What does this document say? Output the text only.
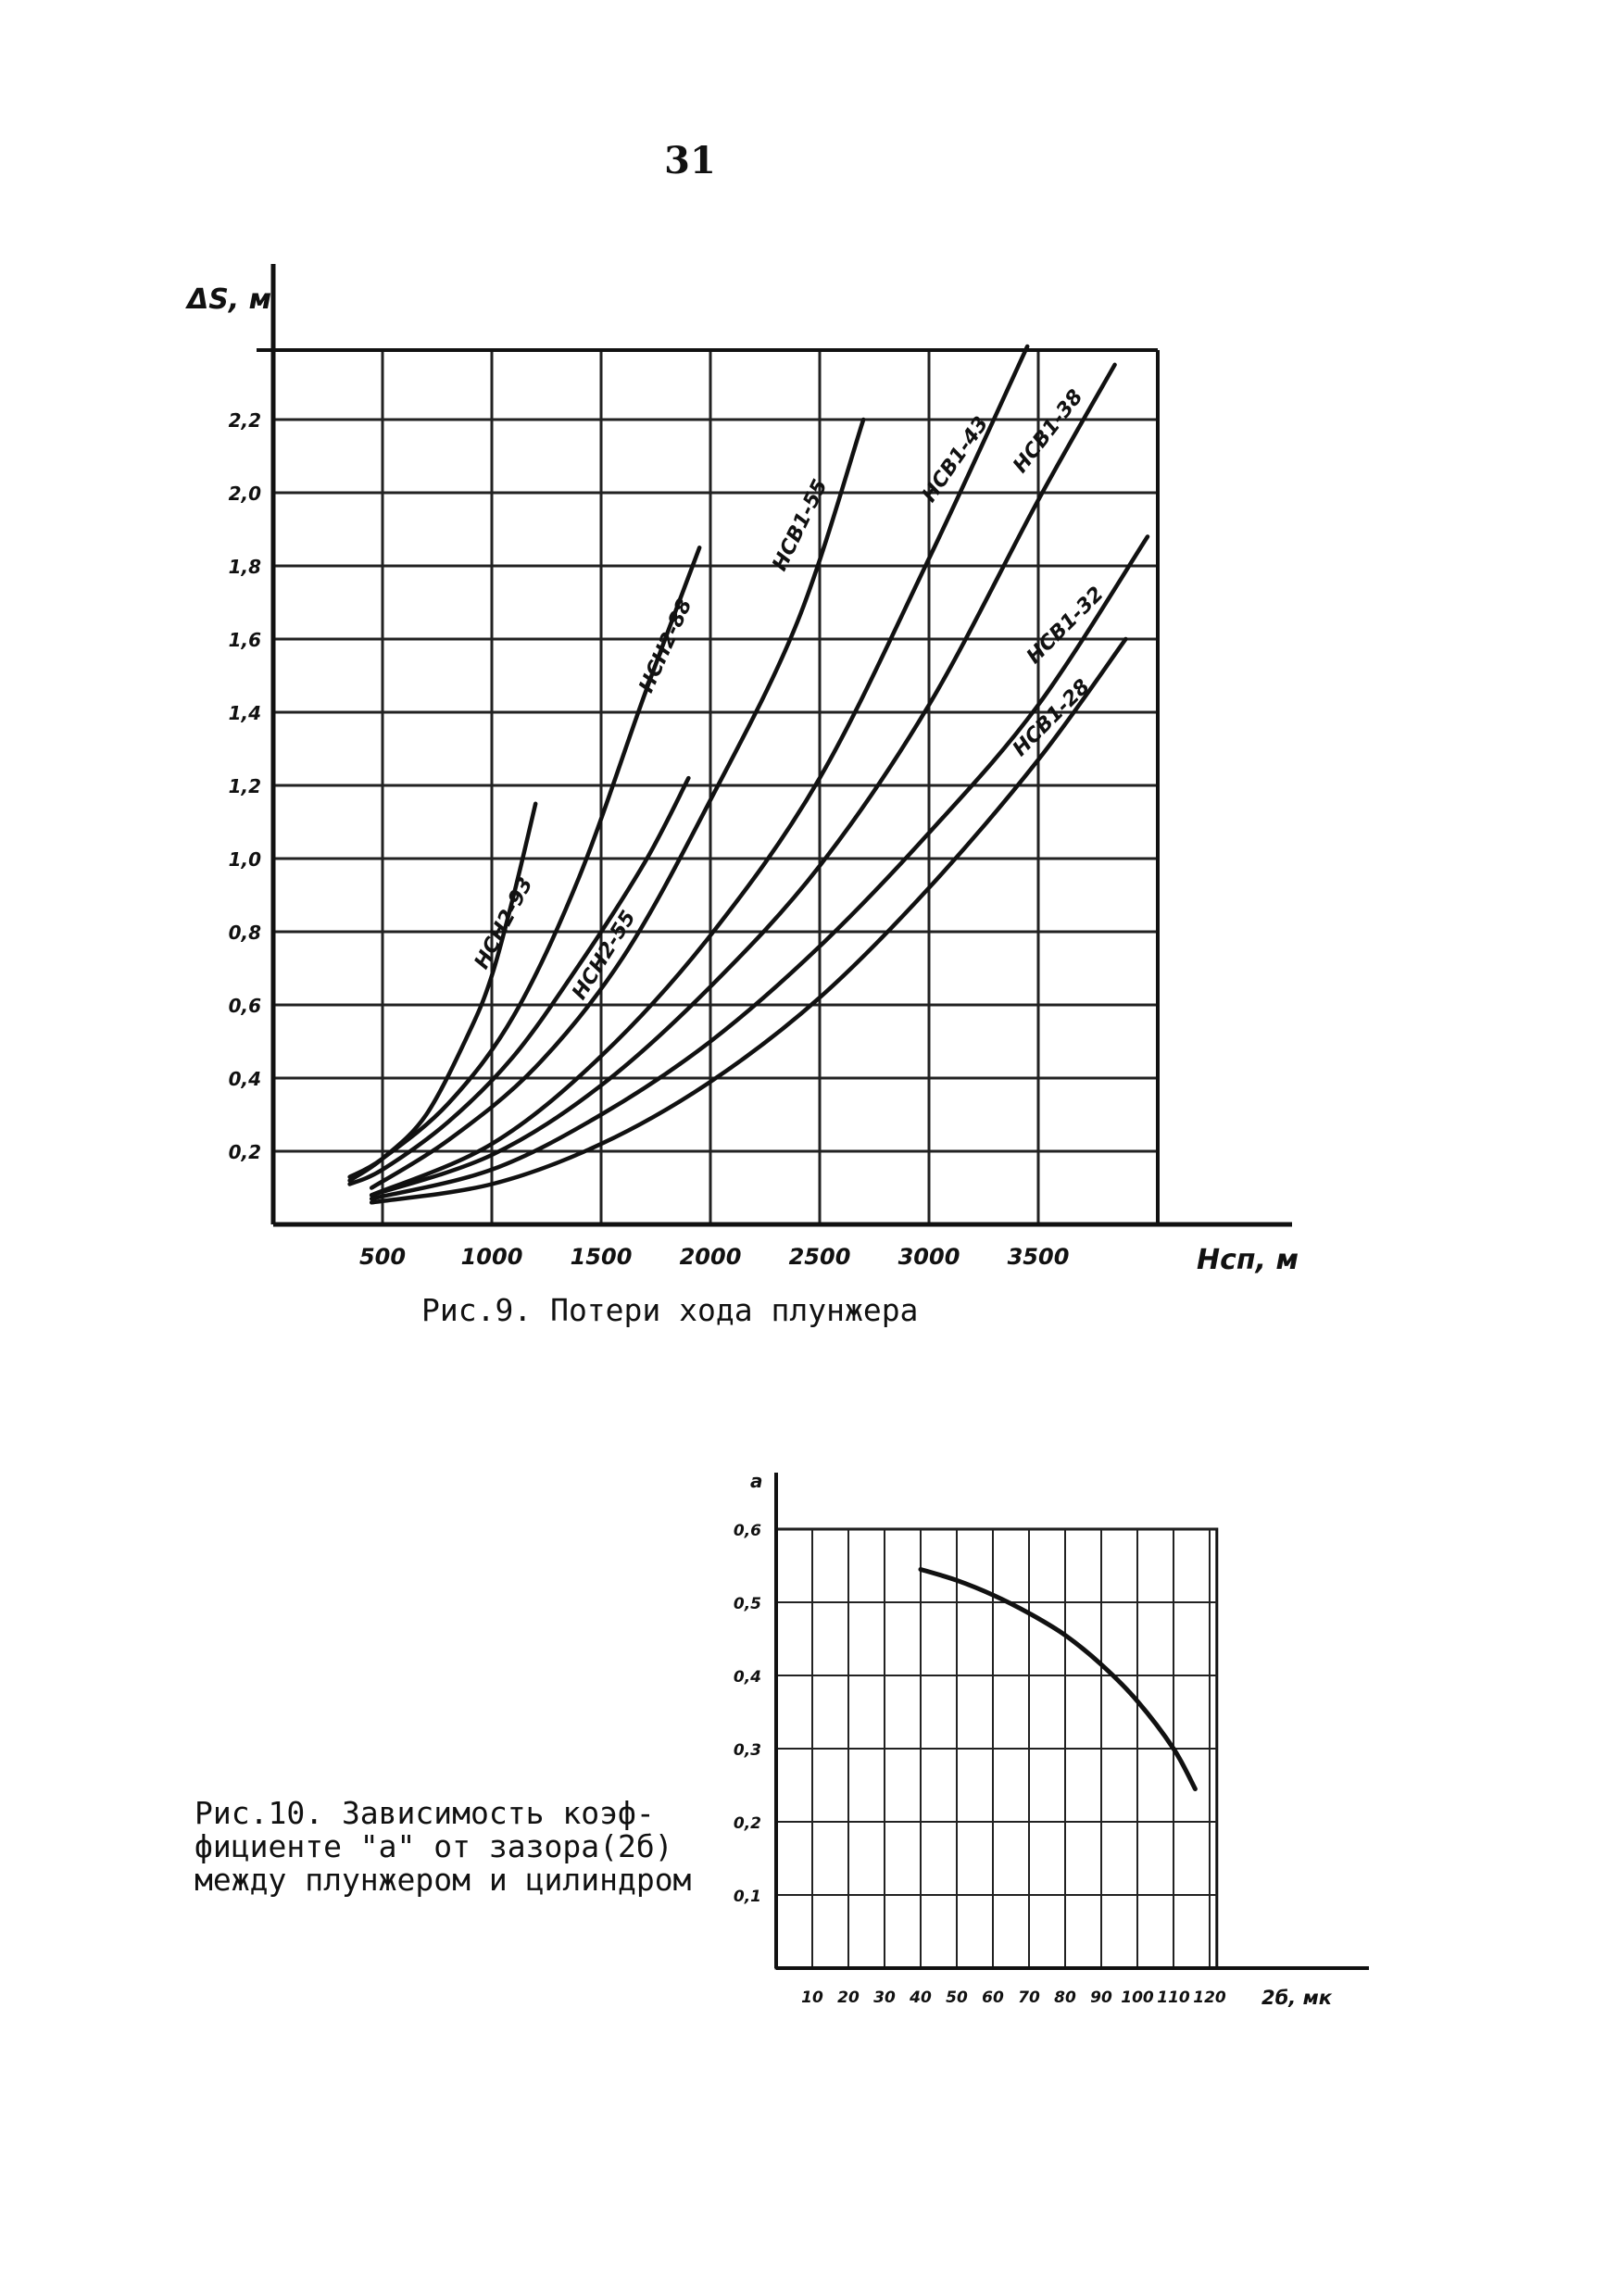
31
500 1000 1500 2000 2500 3000 3500
0,2
0,4
0,6
0,8
1,0
1,2
1,4
1,6
1,8
2,0
2,2
ΔS, м
Hсп, м
НСН2-93
НСН2-88
НСН2-55
НСВ1-55
НСВ1-43 НСВ1-38
НСВ1-32
НСВ1-28
Рис.9. Потери хода плунжера
10 20 30 40 50 60 70 80 90 100 110 120
0,1
0,2
0,3
0,4
0,5
0,6
a
2б, мк
Рис.10. Зависимость коэф-
фициенте "a" от зазора(2б)
между плунжером и цилиндром
